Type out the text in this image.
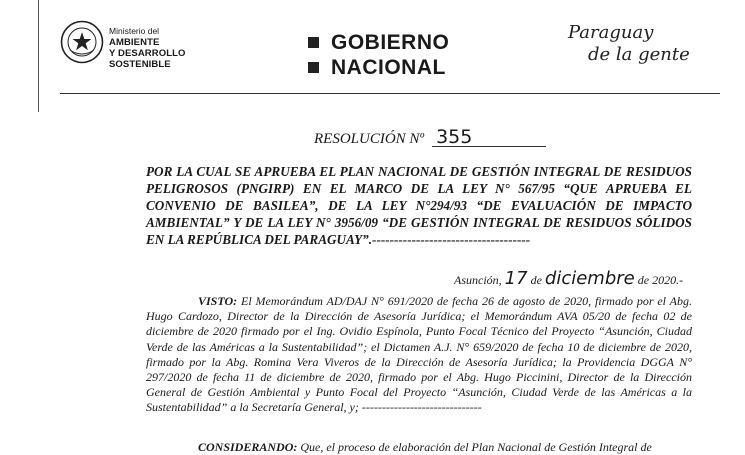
Ministerio del
AMBIENTE
Y DESARROLLO
SOSTENIBLE
GOBIERNO
NACIONAL
Paraguay
de la gente
RESOLUCIÓN Nº 355
POR LA CUAL SE APRUEBA EL PLAN NACIONAL DE GESTIÓN INTEGRAL DE RESIDUOS PELIGROSOS (PNGIRP) EN EL MARCO DE LA LEY N° 567/95 “QUE APRUEBA EL CONVENIO DE BASILEA”, DE LA LEY N°294/93 “DE EVALUACIÓN DE IMPACTO AMBIENTAL” Y DE LA LEY N° 3956/09 “DE GESTIÓN INTEGRAL DE RESIDUOS SÓLIDOS EN LA REPÚBLICA DEL PARAGUAY”.------------------------------------
Asunción, 17 de diciembre de 2020.-
VISTO: El Memorándum AD/DAJ N° 691/2020 de fecha 26 de agosto de 2020, firmado por el Abg. Hugo Cardozo, Director de la Dirección de Asesoría Jurídica; el Memorándum AVA 05/20 de fecha 02 de diciembre de 2020 firmado por el Ing. Ovidio Espínola, Punto Focal Técnico del Proyecto “Asunción, Ciudad Verde de las Américas a la Sustentabilidad”; el Dictamen A.J. N° 659/2020 de fecha 10 de diciembre de 2020, firmado por la Abg. Romina Vera Viveros de la Dirección de Asesoría Jurídica; la Providencia DGGA N° 297/2020 de fecha 11 de diciembre de 2020, firmado por el Abg. Hugo Piccinini, Director de la Dirección General de Gestión Ambiental y Punto Focal del Proyecto “Asunción, Ciudad Verde de las Américas a la Sustentabilidad” a la Secretaría General, y; ------------------------------
CONSIDERANDO: Que, el proceso de elaboración del Plan Nacional de Gestión Integral de
